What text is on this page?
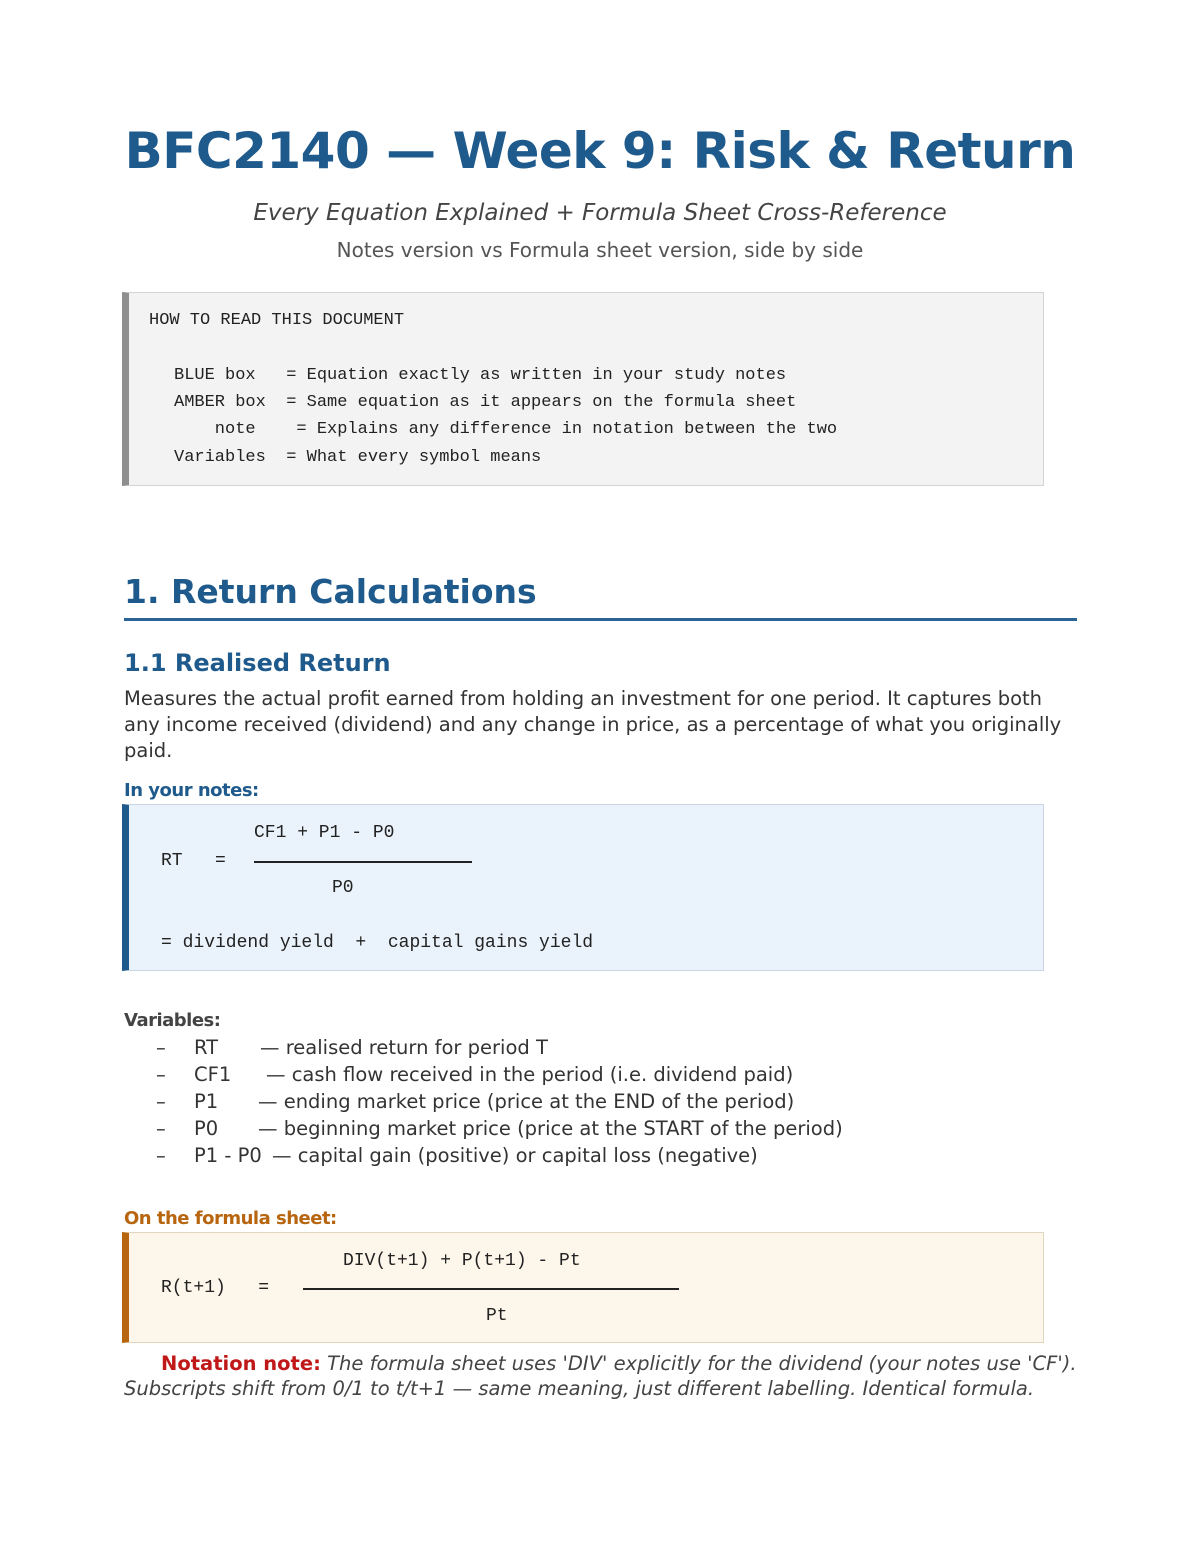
BFC2140 — Week 9: Risk & Return
Every Equation Explained + Formula Sheet Cross-Reference
Notes version vs Formula sheet version, side by side
HOW TO READ THIS DOCUMENT
BLUE box   = Equation exactly as written in your study notes
AMBER box  = Same equation as it appears on the formula sheet
note    = Explains any difference in notation between the two
Variables  = What every symbol means
1. Return Calculations
1.1 Realised Return
Measures the actual profit earned from holding an investment for one period. It captures both any income received (dividend) and any change in price, as a percentage of what you originally paid.
In your notes:
CF1 + P1 - P0
RT   =
P0
= dividend yield  +  capital gains yield
Variables:
– RT — realised return for period T
– CF1 — cash flow received in the period (i.e. dividend paid)
– P1 — ending market price (price at the END of the period)
– P0 — beginning market price (price at the START of the period)
– P1 - P0 — capital gain (positive) or capital loss (negative)
On the formula sheet:
DIV(t+1) + P(t+1) - Pt
R(t+1)   =
Pt
Notation note: The formula sheet uses 'DIV' explicitly for the dividend (your notes use 'CF'). Subscripts shift from 0/1 to t/t+1 — same meaning, just different labelling. Identical formula.
